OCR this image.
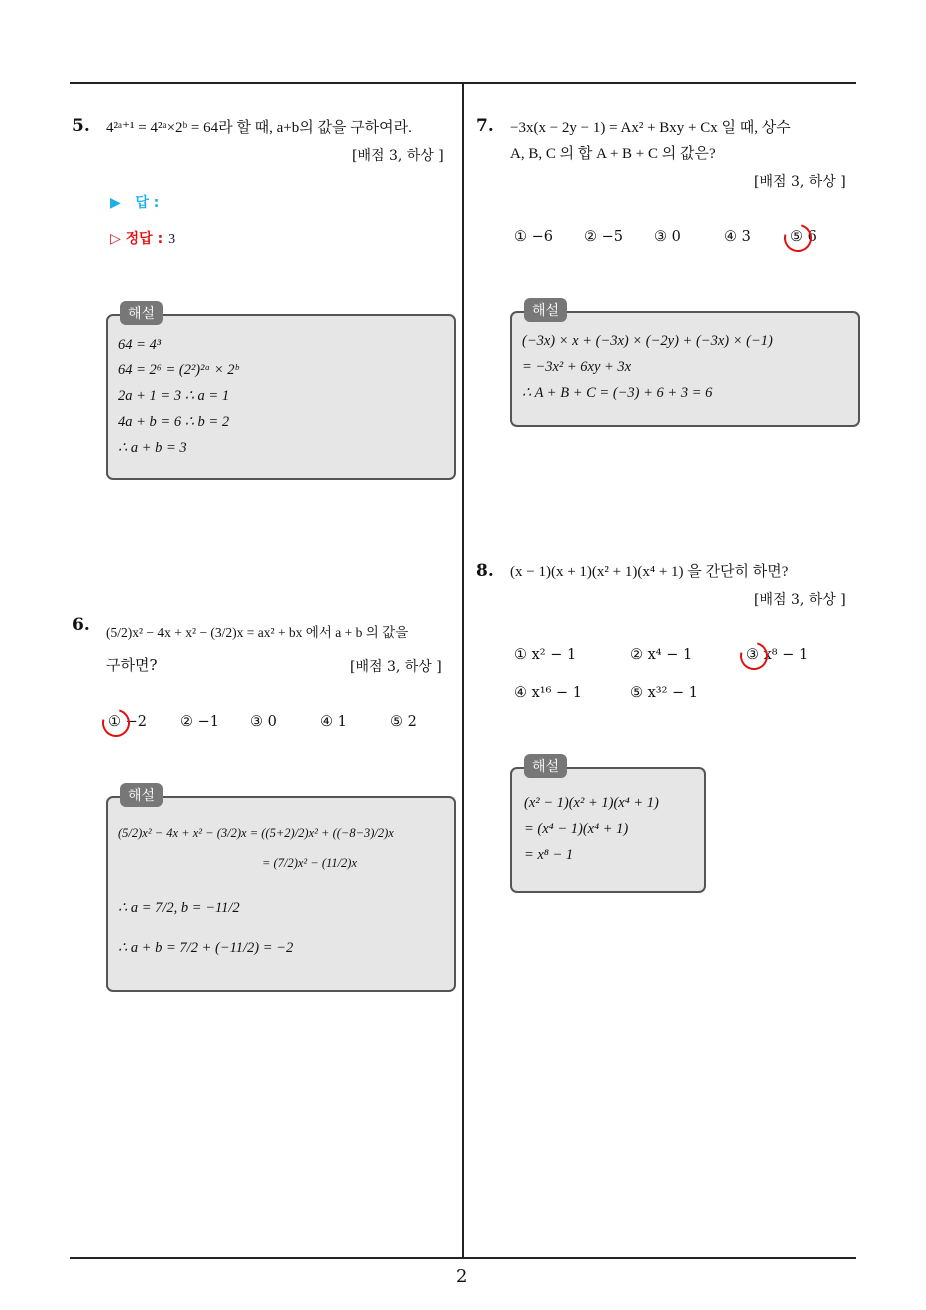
2
5. 4²ᵃ⁺¹ = 4²ᵃ×2ᵇ = 64라 할 때, a+b의 값을 구하여라.
[배점 3, 하상 ]
▶ 답 :
▷ 정답 : 3
해설
64 = 4³
64 = 2⁶ = (2²)²ᵃ × 2ᵇ
2a + 1 = 3 ∴ a = 1
4a + b = 6 ∴ b = 2
∴ a + b = 3
6. (5/2)x² − 4x + x² − (3/2)x = ax² + bx 에서 a + b 의 값을
구하면?	[배점 3, 하상 ]
① −2 ② −1 ③ 0	④ 1	⑤ 2
해설
(5/2)x² − 4x + x² − (3/2)x = ((5+2)/2)x² + ((−8−3)/2)x
= (7/2)x² − (11/2)x
∴ a = 7/2, b = −11/2
∴ a + b = 7/2 + (−11/2) = −2
7. −3x(x − 2y − 1) = Ax² + Bxy + Cx 일 때, 상수
A, B, C 의 합 A + B + C 의 값은?
[배점 3, 하상 ]
① −6 ② −5 ③ 0	④ 3	⑤ 6
해설
(−3x) × x + (−3x) × (−2y) + (−3x) × (−1)
= −3x² + 6xy + 3x
∴ A + B + C = (−3) + 6 + 3 = 6
8. (x − 1)(x + 1)(x² + 1)(x⁴ + 1) 을 간단히 하면?
[배점 3, 하상 ]
① x² − 1	② x⁴ − 1	③ x⁸ − 1
④ x¹⁶ − 1	⑤ x³² − 1
해설
(x² − 1)(x² + 1)(x⁴ + 1)
= (x⁴ − 1)(x⁴ + 1)
= x⁸ − 1
